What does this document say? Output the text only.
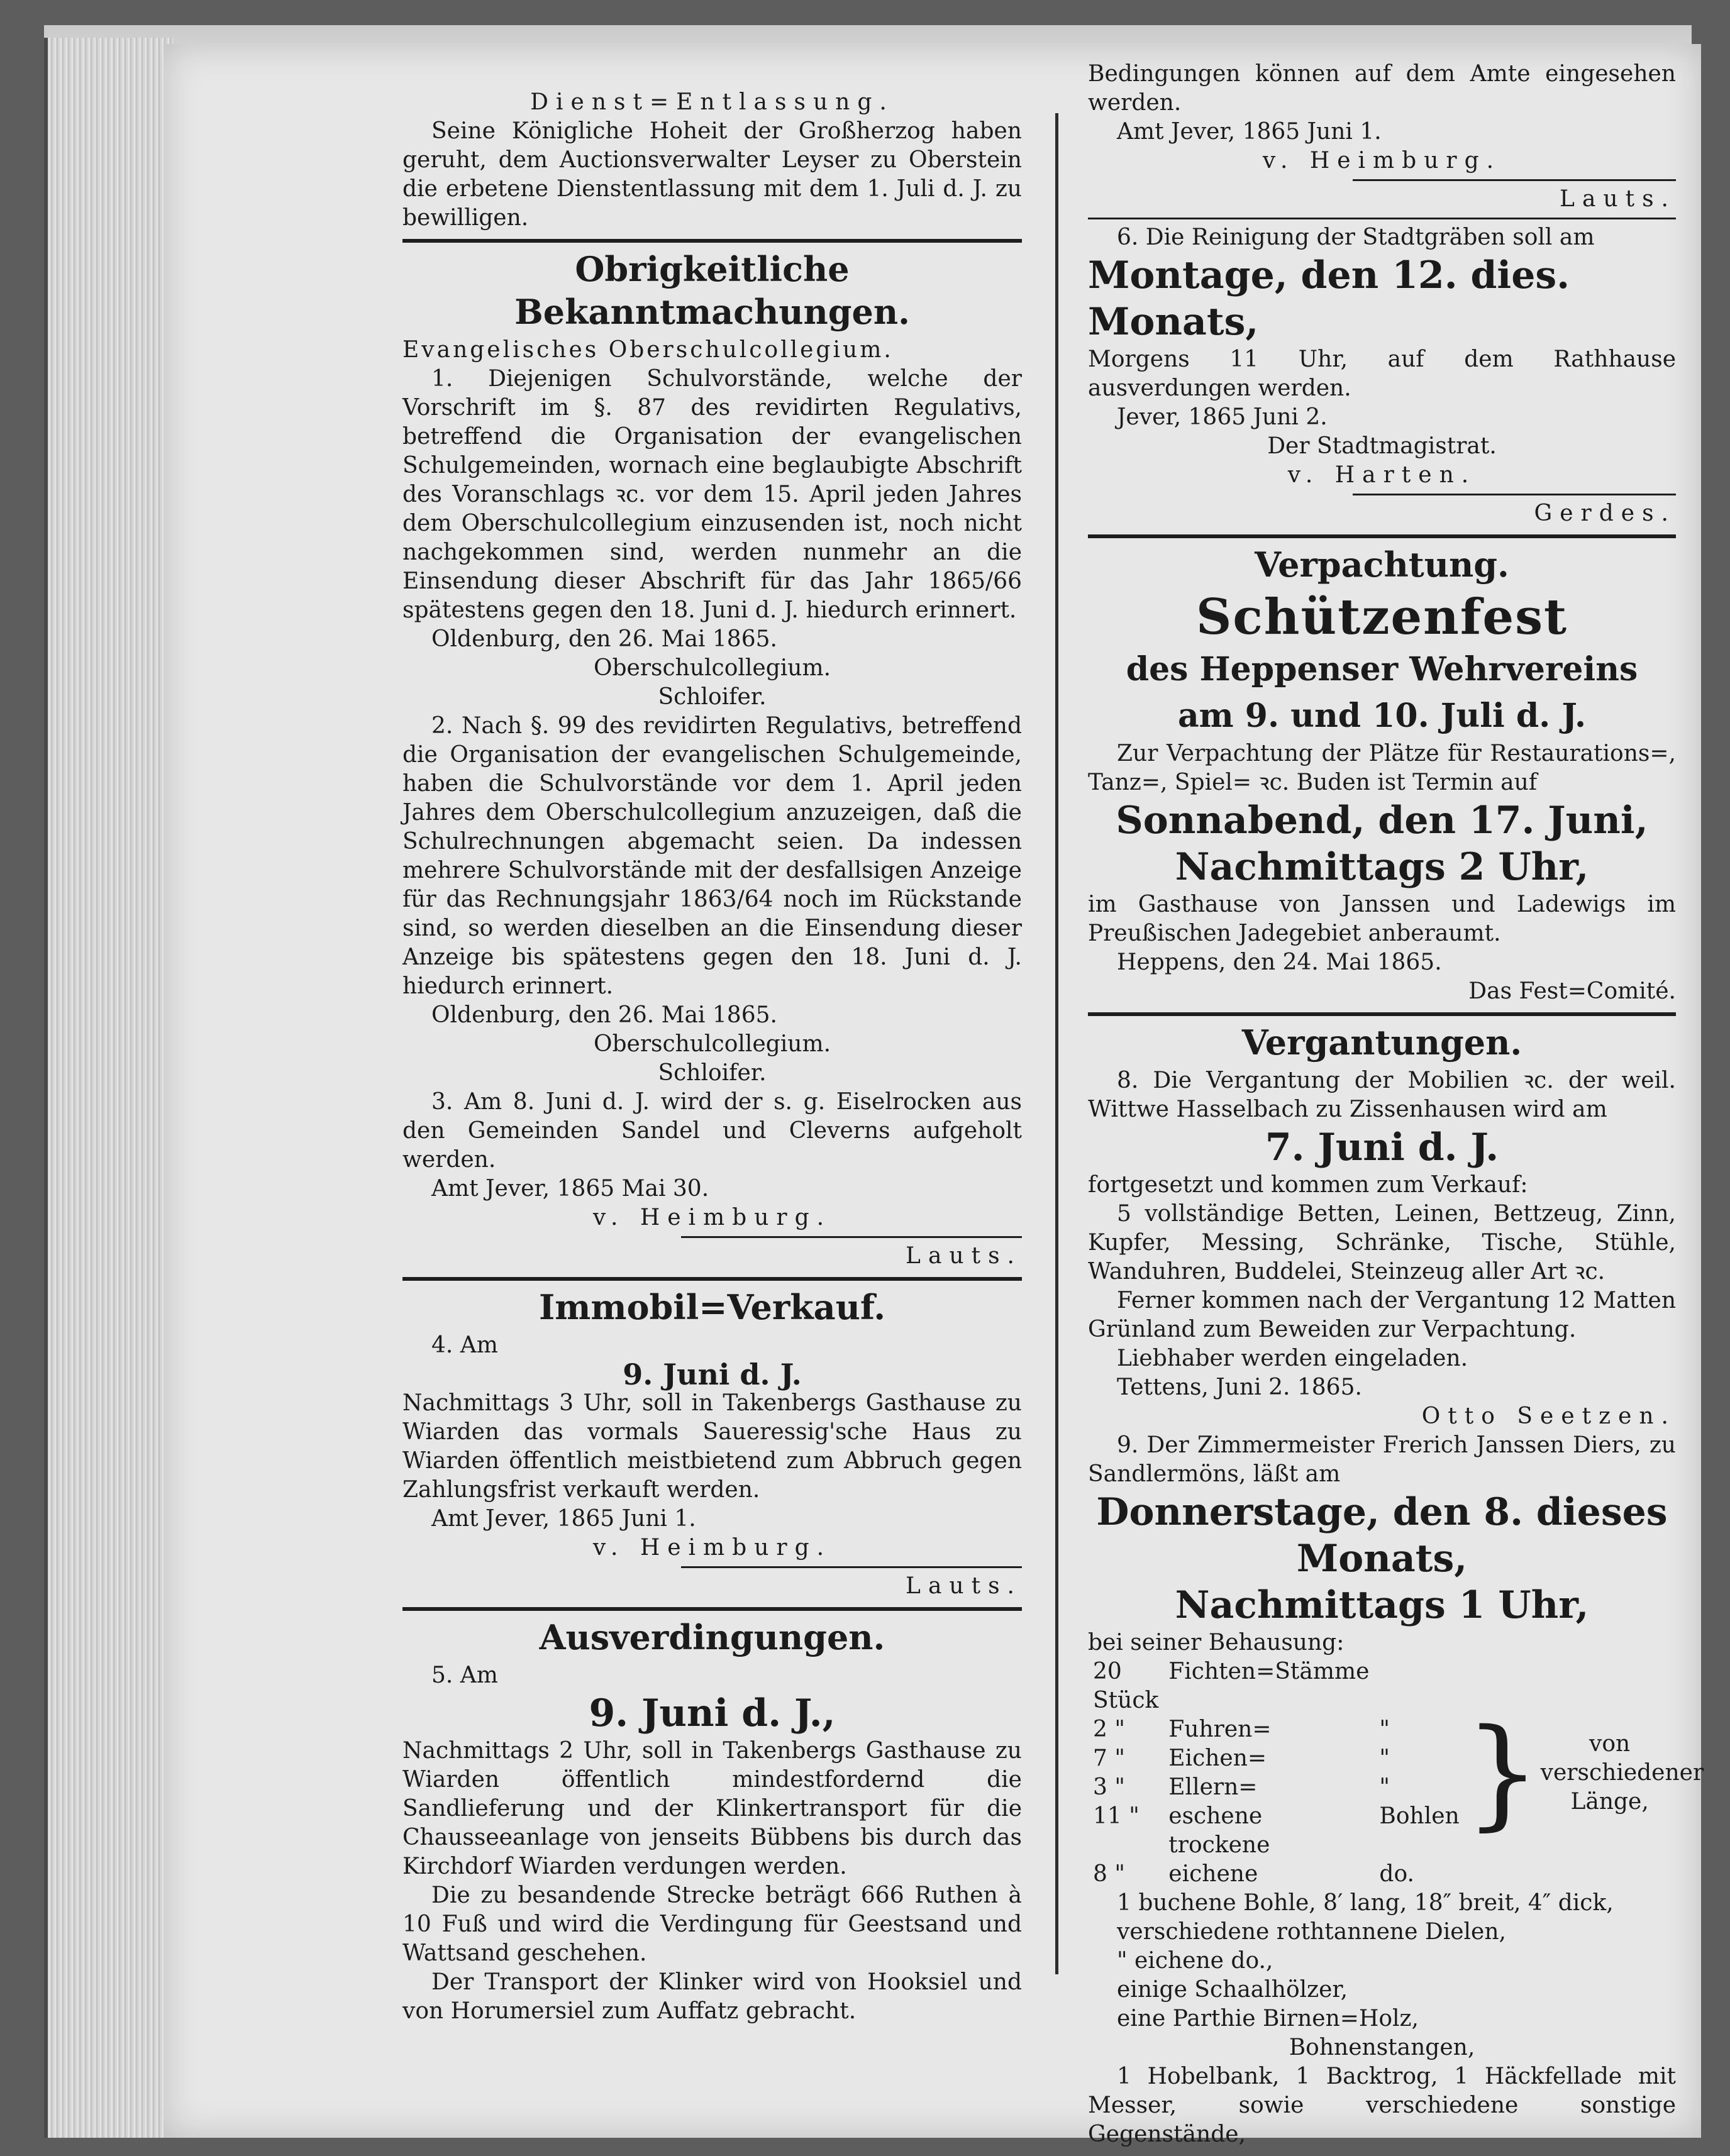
Dienst=Entlassung.

Seine Königliche Hoheit der Großherzog haben geruht, dem Auctionsverwalter Leyser zu Oberstein die erbetene Dienstentlassung mit dem 1. Juli d. J. zu bewilligen.

Obrigkeitliche Bekanntmachungen.

Evangelisches Oberschulcollegium.

1. Diejenigen Schulvorstände, welche der Vorschrift im §. 87 des revidirten Regulativs, betreffend die Organisation der evangelischen Schulgemeinden, wornach eine beglaubigte Abschrift des Voranschlags ꝛc. vor dem 15. April jeden Jahres dem Oberschulcollegium einzusenden ist, noch nicht nachgekommen sind, werden nunmehr an die Einsendung dieser Abschrift für das Jahr 1865/66 spätestens gegen den 18. Juni d. J. hiedurch erinnert.

Oldenburg, den 26. Mai 1865.

Oberschulcollegium.

Schloifer.

2. Nach §. 99 des revidirten Regulativs, betreffend die Organisation der evangelischen Schulgemeinde, haben die Schulvorstände vor dem 1. April jeden Jahres dem Oberschulcollegium anzuzeigen, daß die Schulrechnungen abgemacht seien. Da indessen mehrere Schulvorstände mit der desfallsigen Anzeige für das Rechnungsjahr 1863/64 noch im Rückstande sind, so werden dieselben an die Einsendung dieser Anzeige bis spätestens gegen den 18. Juni d. J. hiedurch erinnert.

Oldenburg, den 26. Mai 1865.

Oberschulcollegium.

Schloifer.

3. Am 8. Juni d. J. wird der s. g. Eiselrocken aus den Gemeinden Sandel und Cleverns aufgeholt werden.

Amt Jever, 1865 Mai 30.

v. Heimburg.

Lauts.

Immobil=Verkauf.

4. Am

9. Juni d. J.

Nachmittags 3 Uhr, soll in Takenbergs Gasthause zu Wiarden das vormals Saueressig'sche Haus zu Wiarden öffentlich meistbietend zum Abbruch gegen Zahlungsfrist verkauft werden.

Amt Jever, 1865 Juni 1.

v. Heimburg.

Lauts.

Ausverdingungen.

5. Am

9. Juni d. J.,

Nachmittags 2 Uhr, soll in Takenbergs Gasthause zu Wiarden öffentlich mindestfordernd die Sandlieferung und der Klinkertransport für die Chausseeanlage von jenseits Bübbens bis durch das Kirchdorf Wiarden verdungen werden.

Die zu besandende Strecke beträgt 666 Ruthen à 10 Fuß und wird die Verdingung für Geestsand und Wattsand geschehen.

Der Transport der Klinker wird von Hooksiel und von Horumersiel zum Auffatz gebracht.

Bedingungen können auf dem Amte eingesehen werden.

Amt Jever, 1865 Juni 1.

v. Heimburg.

Lauts.

6. Die Reinigung der Stadtgräben soll am

Montage, den 12. dies. Monats,

Morgens 11 Uhr, auf dem Rathhause ausverdungen werden.

Jever, 1865 Juni 2.

Der Stadtmagistrat.

v. Harten.

Gerdes.

Verpachtung.

Schützenfest

des Heppenser Wehrvereins

am 9. und 10. Juli d. J.

Zur Verpachtung der Plätze für Restaurations=, Tanz=, Spiel= ꝛc. Buden ist Termin auf

Sonnabend, den 17. Juni,

Nachmittags 2 Uhr,

im Gasthause von Janssen und Ladewigs im Preußischen Jadegebiet anberaumt.

Heppens, den 24. Mai 1865.

Das Fest=Comité.

Vergantungen.

8. Die Vergantung der Mobilien ꝛc. der weil. Wittwe Hasselbach zu Zissenhausen wird am

7. Juni d. J.

fortgesetzt und kommen zum Verkauf:

5 vollständige Betten, Leinen, Bettzeug, Zinn, Kupfer, Messing, Schränke, Tische, Stühle, Wanduhren, Buddelei, Steinzeug aller Art ꝛc.

Ferner kommen nach der Vergantung 12 Matten Grünland zum Beweiden zur Verpachtung.

Liebhaber werden eingeladen.

Tettens, Juni 2. 1865.

Otto Seetzen.

9. Der Zimmermeister Frerich Janssen Diers, zu Sandlermöns, läßt am

Donnerstage, den 8. dieses Monats,

Nachmittags 1 Uhr,

bei seiner Behausung:

20 Stück	Fichten=Stämme	
2 "	Fuhren=	"
7 "	Eichen=	"
3 "	Ellern=	"
11 "	eschene trockene	Bohlen
8 "	eichene	do.
}	von verschiedener Länge,

1 buchene Bohle, 8′ lang, 18″ breit, 4″ dick,

verschiedene rothtannene Dielen,

" eichene do.,

einige Schaalhölzer,

eine Parthie Birnen=Holz,

Bohnenstangen,

1 Hobelbank, 1 Backtrog, 1 Häckfellade mit Messer, sowie verschiedene sonstige Gegenstände,
